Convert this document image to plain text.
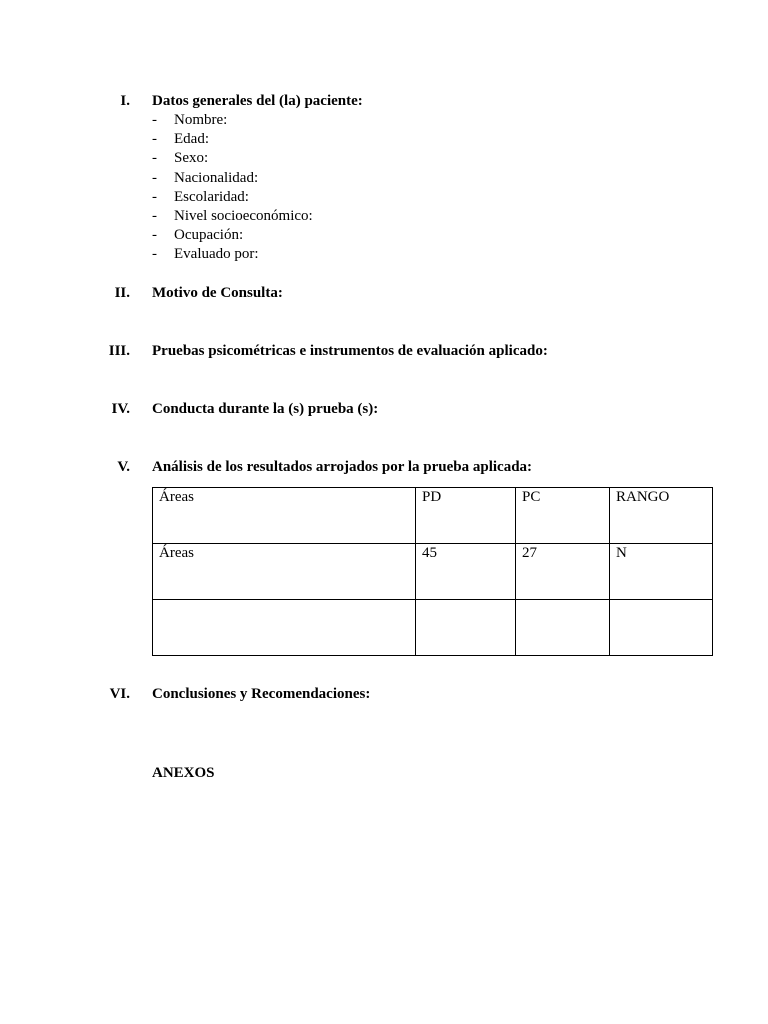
I. Datos generales del (la) paciente:
- Nombre:
- Edad:
- Sexo:
- Nacionalidad:
- Escolaridad:
- Nivel socioeconómico:
- Ocupación:
- Evaluado por:
II. Motivo de Consulta:
III. Pruebas psicométricas e instrumentos de evaluación aplicado:
IV. Conducta durante la (s) prueba (s):
V. Análisis de los resultados arrojados por la prueba aplicada:
Áreas	PD	PC	RANGO
Áreas	45	27	N

VI. Conclusiones y Recomendaciones:
ANEXOS
